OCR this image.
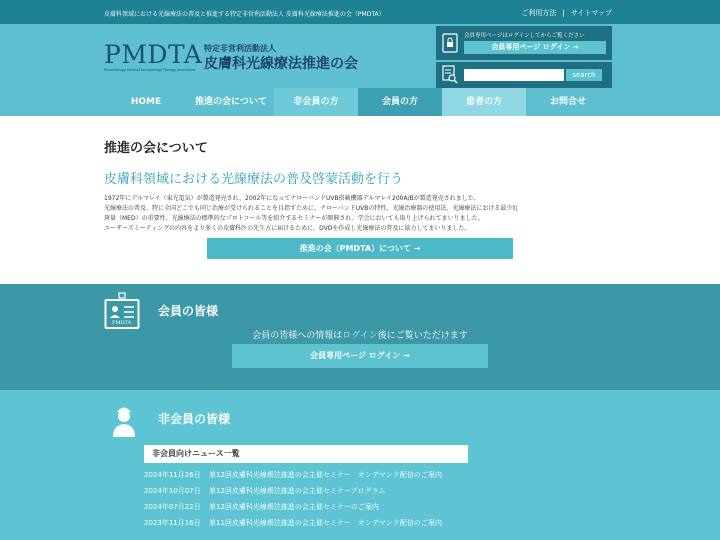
皮膚科領域における光線療法の普及と推進する特定非営利活動法人 皮膚科光線療法推進の会（PMDTA）	ご利用方法 | サイトマップ
PMDTA
Phototherapy Medical Dermatology Therapy Association
特定非営利活動法人
皮膚科光線療法推進の会
会員専用ページはログインしてからご覧ください
会員専用ページ ログイン →
search
HOME	推進の会について	非会員の方	会員の方	患者の方	お問合せ
推進の会について
皮膚科領域における光線療法の普及啓蒙活動を行う

1972年にデルマレイ（東光電気）が製造発売され、2002年になってナローバンドUVB搭載機器デルマレイ200A/Bが製造発売されました。

光線療法の普及、特に全国どこでも同じ治療が受けられることを目指すために、ナローバンドUVBの特性、光線治療器の使用法、光線療法における最少紅

斑量（MED）の重要性、光線療法の標準的なプロトコール等を紹介するセミナーが開催され、学会においても取り上げられてまいりました。

ユーザーズミーティングの内容をより多くの皮膚科医の先生方に届けるために、DVDを作成し光線療法の普及に協力してまいりました。

推進の会（PMDTA）について →
PMDTA
会員の皆様
会員の皆様への情報はログイン後にご覧いただけます
会員専用ページ ログイン →
非会員の皆様
非会員向けニュース一覧
2024年11月26日	第12回皮膚科光線療法推進の会主催セミナー　オンデマンド配信のご案内
2024年10月07日	第12回皮膚科光線療法推進の会主催セミナープログラム
2024年07月22日	第12回皮膚科光線療法推進の会主催セミナーのご案内
2023年11月16日	第11回皮膚科光線療法推進の会主催セミナー　オンデマンド配信のご案内
